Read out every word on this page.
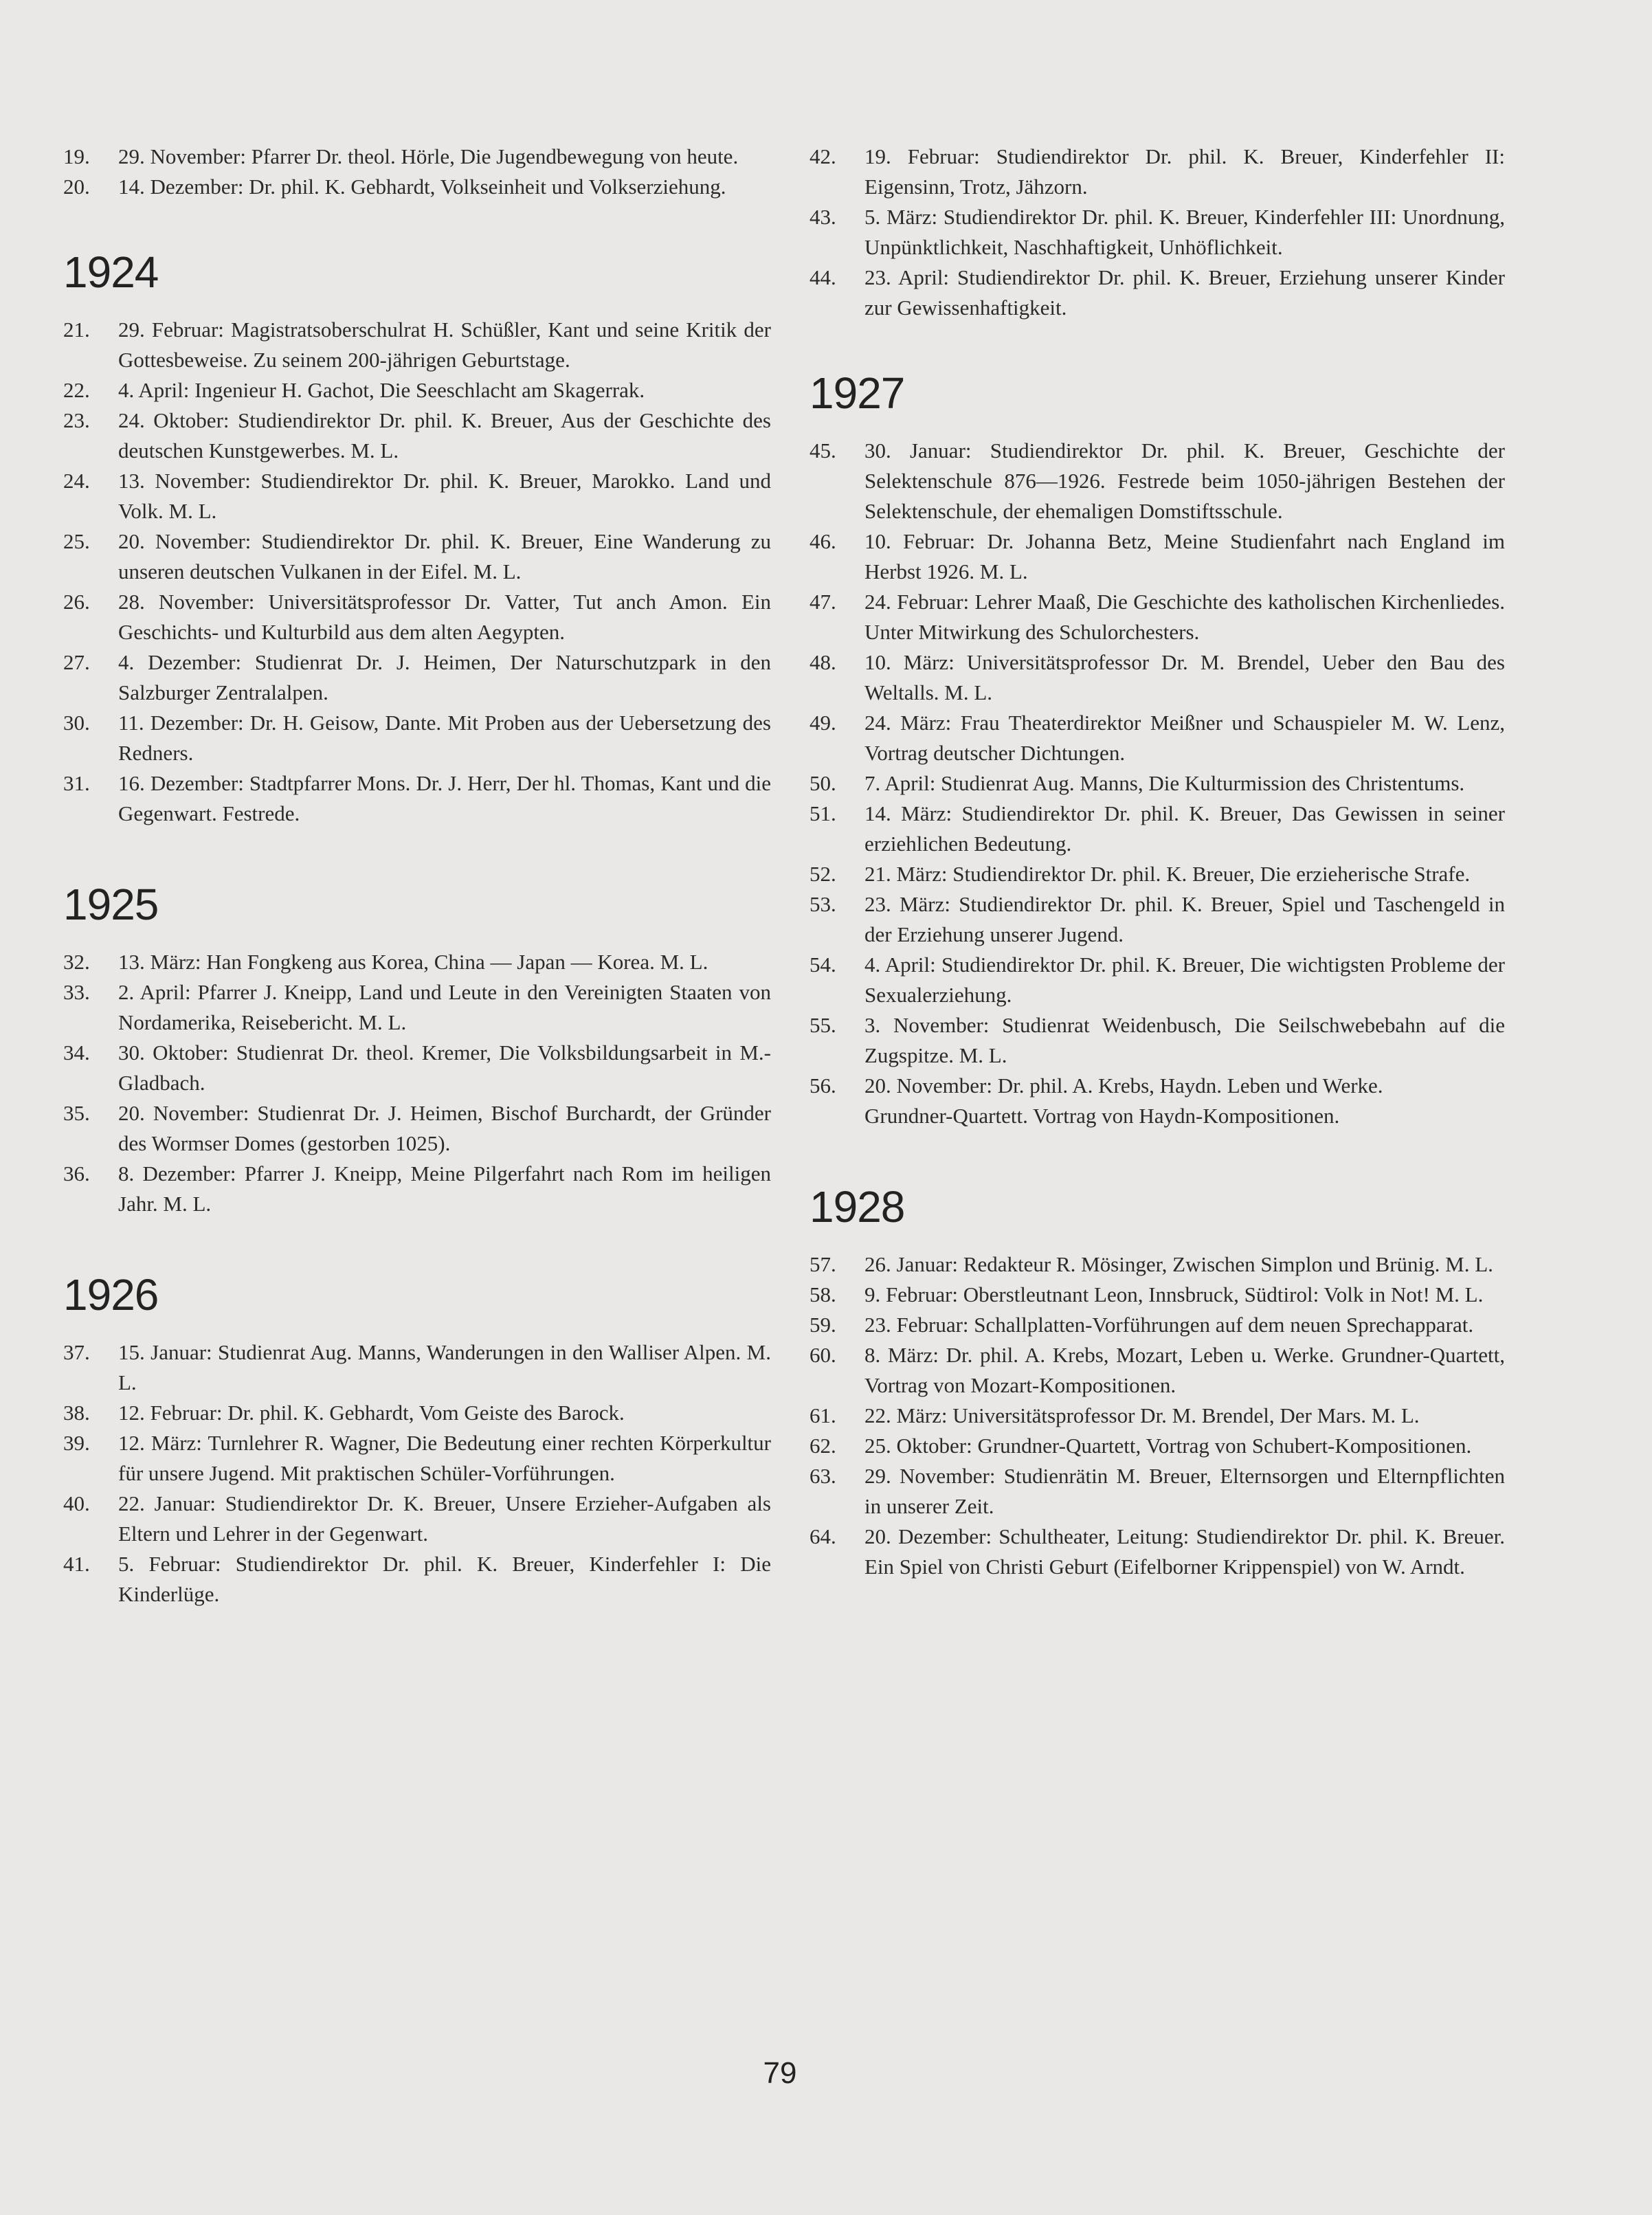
19.	29. November: Pfarrer Dr. theol. Hörle, Die Jugendbewegung von heute.
20.	14. Dezember: Dr. phil. K. Gebhardt, Volkseinheit und Volkserziehung.
1924
21.	29. Februar: Magistratsoberschulrat H. Schüßler, Kant und seine Kritik der Gottesbeweise. Zu seinem 200-jährigen Geburtstage.
22.	4. April: Ingenieur H. Gachot, Die Seeschlacht am Skagerrak.
23.	24. Oktober: Studiendirektor Dr. phil. K. Breuer, Aus der Geschichte des deutschen Kunstgewerbes. M. L.
24.	13. November: Studiendirektor Dr. phil. K. Breuer, Marokko. Land und Volk. M. L.
25.	20. November: Studiendirektor Dr. phil. K. Breuer, Eine Wanderung zu unseren deutschen Vulkanen in der Eifel. M. L.
26.	28. November: Universitätsprofessor Dr. Vatter, Tut anch Amon. Ein Geschichts- und Kulturbild aus dem alten Aegypten.
27.	4. Dezember: Studienrat Dr. J. Heimen, Der Naturschutzpark in den Salzburger Zentralalpen.
30.	11. Dezember: Dr. H. Geisow, Dante. Mit Proben aus der Uebersetzung des Redners.
31.	16. Dezember: Stadtpfarrer Mons. Dr. J. Herr, Der hl. Thomas, Kant und die Gegenwart. Festrede.
1925
32.	13. März: Han Fongkeng aus Korea, China — Japan — Korea. M. L.
33.	2. April: Pfarrer J. Kneipp, Land und Leute in den Vereinigten Staaten von Nordamerika, Reisebericht. M. L.
34.	30. Oktober: Studienrat Dr. theol. Kremer, Die Volksbildungsarbeit in M.-Gladbach.
35.	20. November: Studienrat Dr. J. Heimen, Bischof Burchardt, der Gründer des Wormser Domes (gestorben 1025).
36.	8. Dezember: Pfarrer J. Kneipp, Meine Pilgerfahrt nach Rom im heiligen Jahr. M. L.
1926
37.	15. Januar: Studienrat Aug. Manns, Wanderungen in den Walliser Alpen. M. L.
38.	12. Februar: Dr. phil. K. Gebhardt, Vom Geiste des Barock.
39.	12. März: Turnlehrer R. Wagner, Die Bedeutung einer rechten Körperkultur für unsere Jugend. Mit praktischen Schüler-Vorführungen.
40.	22. Januar: Studiendirektor Dr. K. Breuer, Unsere Erzieher-Aufgaben als Eltern und Lehrer in der Gegenwart.
41.	5. Februar: Studiendirektor Dr. phil. K. Breuer, Kinderfehler I: Die Kinderlüge.
42.	19. Februar: Studiendirektor Dr. phil. K. Breuer, Kinderfehler II: Eigensinn, Trotz, Jähzorn.
43.	5. März: Studiendirektor Dr. phil. K. Breuer, Kinderfehler III: Unordnung, Unpünktlichkeit, Naschhaftigkeit, Unhöflichkeit.
44.	23. April: Studiendirektor Dr. phil. K. Breuer, Erziehung unserer Kinder zur Gewissenhaftigkeit.
1927
45.	30. Januar: Studiendirektor Dr. phil. K. Breuer, Geschichte der Selektenschule 876—1926. Festrede beim 1050-jährigen Bestehen der Selektenschule, der ehemaligen Domstiftsschule.
46.	10. Februar: Dr. Johanna Betz, Meine Studienfahrt nach England im Herbst 1926. M. L.
47.	24. Februar: Lehrer Maaß, Die Geschichte des katholischen Kirchenliedes. Unter Mitwirkung des Schulorchesters.
48.	10. März: Universitätsprofessor Dr. M. Brendel, Ueber den Bau des Weltalls. M. L.
49.	24. März: Frau Theaterdirektor Meißner und Schauspieler M. W. Lenz, Vortrag deutscher Dichtungen.
50.	7. April: Studienrat Aug. Manns, Die Kulturmission des Christentums.
51.	14. März: Studiendirektor Dr. phil. K. Breuer, Das Gewissen in seiner erziehlichen Bedeutung.
52.	21. März: Studiendirektor Dr. phil. K. Breuer, Die erzieherische Strafe.
53.	23. März: Studiendirektor Dr. phil. K. Breuer, Spiel und Taschengeld in der Erziehung unserer Jugend.
54.	4. April: Studiendirektor Dr. phil. K. Breuer, Die wichtigsten Probleme der Sexualerziehung.
55.	3. November: Studienrat Weidenbusch, Die Seilschwebebahn auf die Zugspitze. M. L.
56.	20. November: Dr. phil. A. Krebs, Haydn. Leben und Werke.
Grundner-Quartett. Vortrag von Haydn-Kompositionen.
1928
57.	26. Januar: Redakteur R. Mösinger, Zwischen Simplon und Brünig. M. L.
58.	9. Februar: Oberstleutnant Leon, Innsbruck, Südtirol: Volk in Not! M. L.
59.	23. Februar: Schallplatten-Vorführungen auf dem neuen Sprechapparat.
60.	8. März: Dr. phil. A. Krebs, Mozart, Leben u. Werke. Grundner-Quartett, Vortrag von Mozart-Kompositionen.
61.	22. März: Universitätsprofessor Dr. M. Brendel, Der Mars. M. L.
62.	25. Oktober: Grundner-Quartett, Vortrag von Schubert-Kompositionen.
63.	29. November: Studienrätin M. Breuer, Elternsorgen und Elternpflichten in unserer Zeit.
64.	20. Dezember: Schultheater, Leitung: Studiendirektor Dr. phil. K. Breuer. Ein Spiel von Christi Geburt (Eifelborner Krippenspiel) von W. Arndt.
79
